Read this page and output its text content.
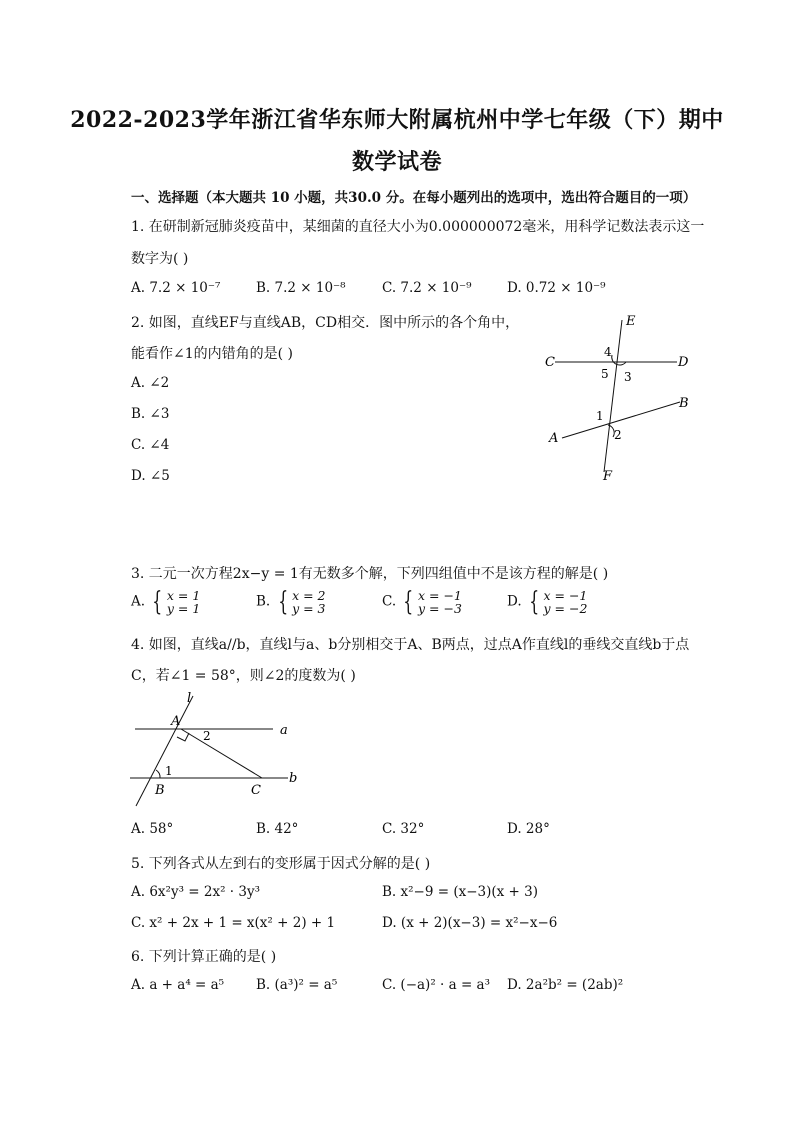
2022-2023学年浙江省华东师大附属杭州中学七年级（下）期中
数学试卷
一、选择题（本大题共 10 小题，共30.0 分。在每小题列出的选项中，选出符合题目的一项）
1. 在研制新冠肺炎疫苗中，某细菌的直径大小为0.000000072毫米，用科学记数法表示这一
数字为( )
A. 7.2 × 10⁻⁷	B. 7.2 × 10⁻⁸	C. 7.2 × 10⁻⁹	D. 0.72 × 10⁻⁹
2. 如图，直线EF与直线AB，CD相交．图中所示的各个角中，
能看作∠1的内错角的是( )
A. ∠2
B. ∠3
C. ∠4
D. ∠5
E
C	D
B
A
F
4
5 3
1
2
3. 二元一次方程2x−y = 1有无数多个解，下列四组值中不是该方程的解是( )
A. { x = 1
y = 1	B. { x = 2
y = 3	C. { x = −1
y = −3	D. { x = −1
y = −2
4. 如图，直线a//b，直线l与a、b分别相交于A、B两点，过点A作直线l的垂线交直线b于点
C，若∠1 = 58°，则∠2的度数为( )
l
A
a
2
1
B	C
b
A. 58°	B. 42°	C. 32°	D. 28°
5. 下列各式从左到右的变形属于因式分解的是( )
A. 6x²y³ = 2x² · 3y³	B. x²−9 = (x−3)(x + 3)
C. x² + 2x + 1 = x(x² + 2) + 1	D. (x + 2)(x−3) = x²−x−6
6. 下列计算正确的是( )
A. a + a⁴ = a⁵ B. (a³)² = a⁵	C. (−a)² · a = a³ D. 2a²b² = (2ab)²
